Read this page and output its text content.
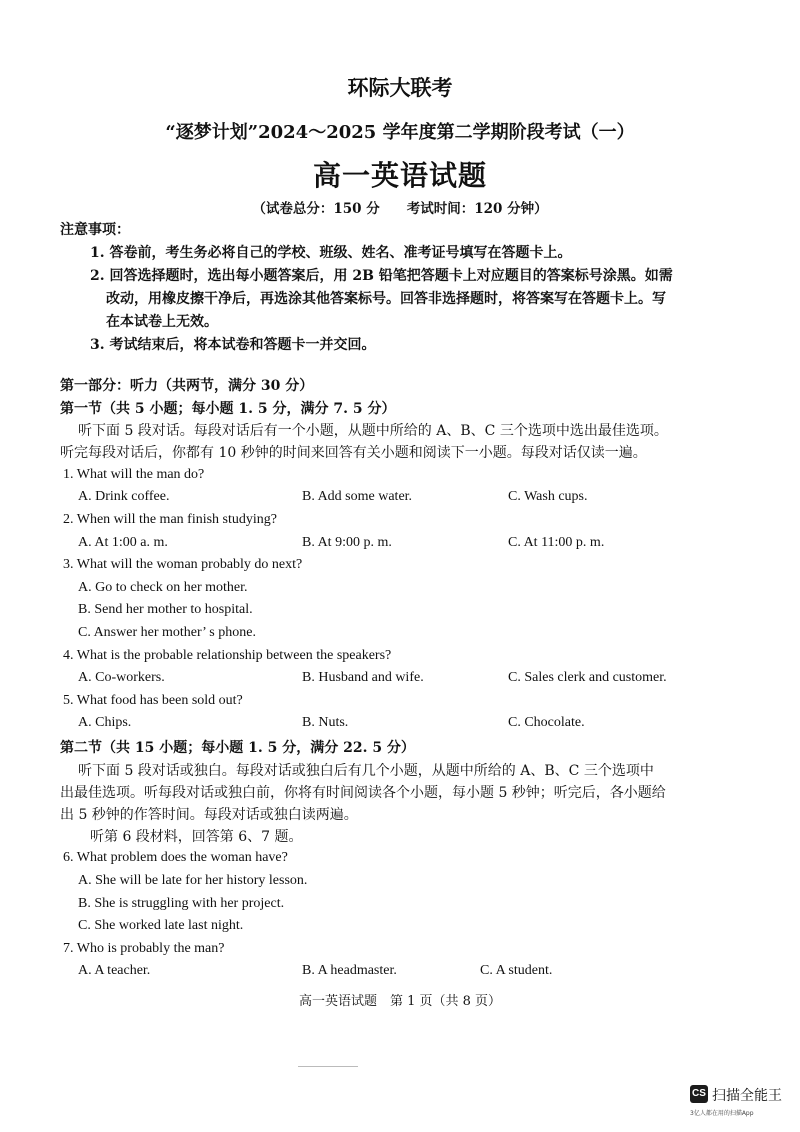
环际大联考
“逐梦计划”2024～2025 学年度第二学期阶段考试（一）
高一英语试题
（试卷总分：150 分　　考试时间：120 分钟）
注意事项：
1. 答卷前，考生务必将自己的学校、班级、姓名、准考证号填写在答题卡上。
2. 回答选择题时，选出每小题答案后，用 2B 铅笔把答题卡上对应题目的答案标号涂黑。如需
改动，用橡皮擦干净后，再选涂其他答案标号。回答非选择题时，将答案写在答题卡上。写
在本试卷上无效。
3. 考试结束后，将本试卷和答题卡一并交回。
第一部分：听力（共两节，满分 30 分）
第一节（共 5 小题；每小题 1. 5 分，满分 7. 5 分）
听下面 5 段对话。每段对话后有一个小题，从题中所给的 A、B、C 三个选项中选出最佳选项。
听完每段对话后，你都有 10 秒钟的时间来回答有关小题和阅读下一小题。每段对话仅读一遍。
1. What will the man do?
A. Drink coffee.	B. Add some water.	C. Wash cups.
2. When will the man finish studying?
A. At 1:00 a. m.	B. At 9:00 p. m.	C. At 11:00 p. m.
3. What will the woman probably do next?
A. Go to check on her mother.
B. Send her mother to hospital.
C. Answer her mother’ s phone.
4. What is the probable relationship between the speakers?
A. Co-workers.	B. Husband and wife.	C. Sales clerk and customer.
5. What food has been sold out?
A. Chips.	B. Nuts.	C. Chocolate.
第二节（共 15 小题；每小题 1. 5 分，满分 22. 5 分）
听下面 5 段对话或独白。每段对话或独白后有几个小题，从题中所给的 A、B、C 三个选项中
出最佳选项。听每段对话或独白前，你将有时间阅读各个小题，每小题 5 秒钟；听完后，各小题给
出 5 秒钟的作答时间。每段对话或独白读两遍。
听第 6 段材料，回答第 6、7 题。
6. What problem does the woman have?
A. She will be late for her history lesson.
B. She is struggling with her project.
C. She worked late last night.
7. Who is probably the man?
A. A teacher.	B. A headmaster.	C. A student.
高一英语试题　第 1 页（共 8 页）
CS 扫描全能王
3亿人都在用的扫描App
